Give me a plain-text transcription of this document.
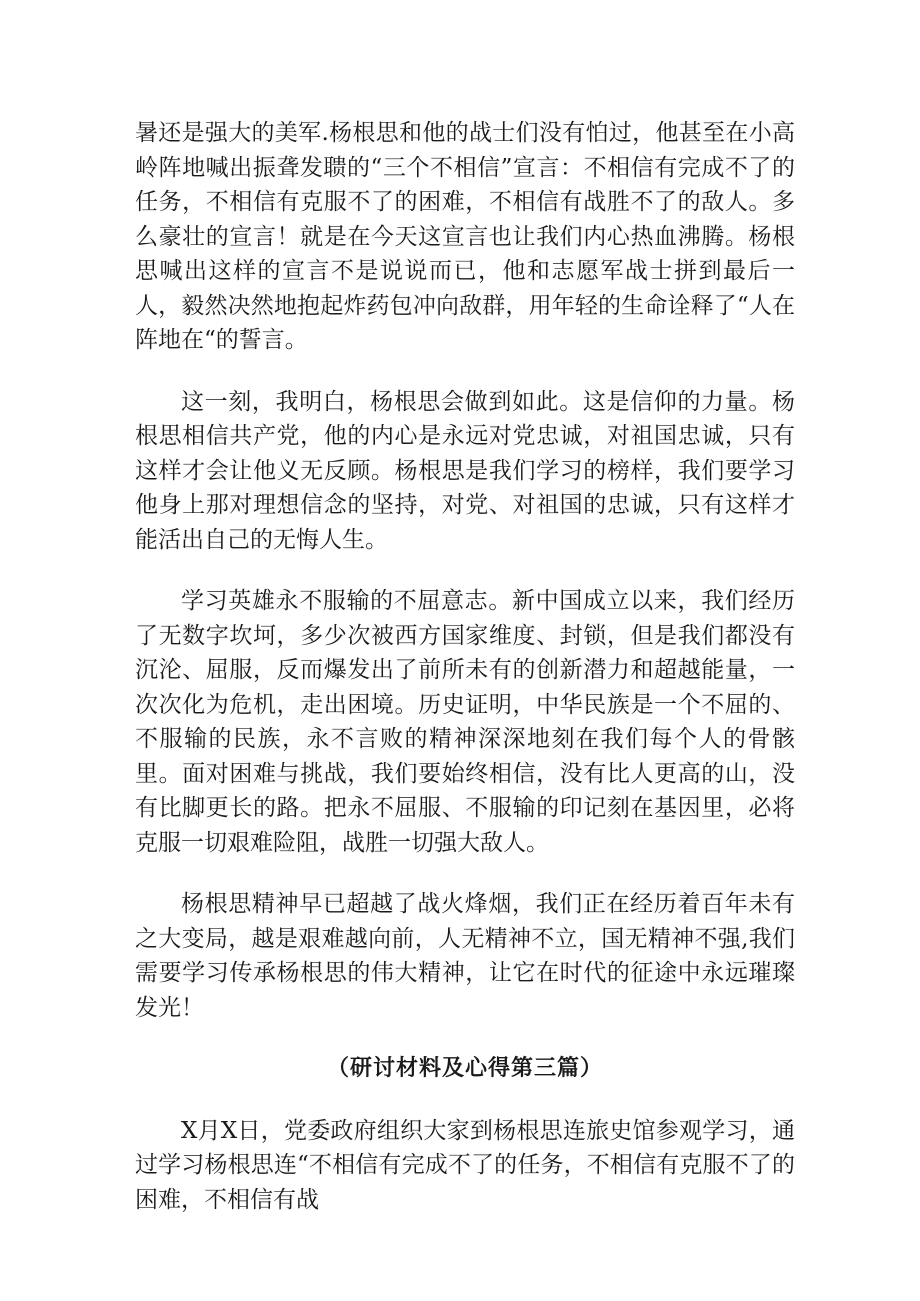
暑还是强大的美军.杨根思和他的战士们没有怕过，他甚至在小高岭阵地喊出振聋发聩的“三个不相信”宣言：不相信有完成不了的任务，不相信有克服不了的困难，不相信有战胜不了的敌人。多么豪壮的宣言！就是在今天这宣言也让我们内心热血沸腾。杨根思喊出这样的宣言不是说说而已，他和志愿军战士拼到最后一人，毅然决然地抱起炸药包冲向敌群，用年轻的生命诠释了“人在阵地在“的誓言。

这一刻，我明白，杨根思会做到如此。这是信仰的力量。杨根思相信共产党，他的内心是永远对党忠诚，对祖国忠诚，只有这样才会让他义无反顾。杨根思是我们学习的榜样，我们要学习他身上那对理想信念的坚持，对党、对祖国的忠诚，只有这样才能活出自己的无悔人生。

学习英雄永不服输的不屈意志。新中国成立以来，我们经历了无数字坎坷，多少次被西方国家维度、封锁，但是我们都没有沉沦、屈服，反而爆发出了前所未有的创新潜力和超越能量，一次次化为危机，走出困境。历史证明，中华民族是一个不屈的、不服输的民族，永不言败的精神深深地刻在我们每个人的骨骸里。面对困难与挑战，我们要始终相信，没有比人更高的山，没有比脚更长的路。把永不屈服、不服输的印记刻在基因里，必将克服一切艰难险阻，战胜一切强大敌人。

杨根思精神早已超越了战火烽烟，我们正在经历着百年未有之大变局，越是艰难越向前，人无精神不立，国无精神不强,我们需要学习传承杨根思的伟大精神，让它在时代的征途中永远璀璨发光！

（研讨材料及心得第三篇）

X月X日，党委政府组织大家到杨根思连旅史馆参观学习，通过学习杨根思连“不相信有完成不了的任务，不相信有克服不了的困难，不相信有战
